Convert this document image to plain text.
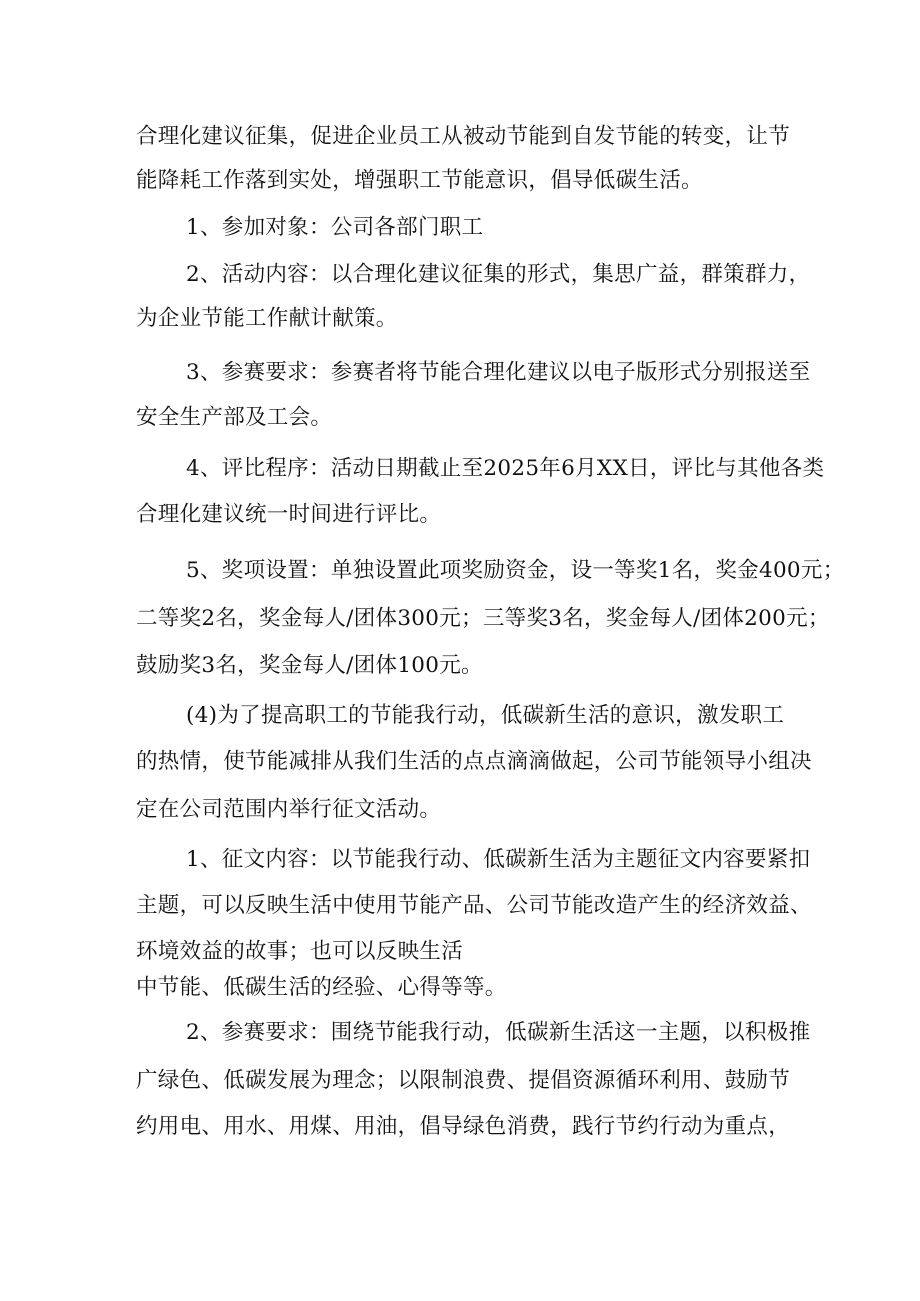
合理化建议征集，促进企业员工从被动节能到自发节能的转变，让节
能降耗工作落到实处，增强职工节能意识，倡导低碳生活。
1、参加对象：公司各部门职工
2、活动内容：以合理化建议征集的形式，集思广益，群策群力，
为企业节能工作献计献策。
3、参赛要求：参赛者将节能合理化建议以电子版形式分别报送至
安全生产部及工会。
4、评比程序：活动日期截止至2025年6月XX日，评比与其他各类
合理化建议统一时间进行评比。
5、奖项设置：单独设置此项奖励资金，设一等奖1名，奖金400元；
二等奖2名，奖金每人/团体300元；三等奖3名，奖金每人/团体200元；
鼓励奖3名，奖金每人/团体100元。
(4)为了提高职工的节能我行动，低碳新生活的意识，激发职工
的热情，使节能减排从我们生活的点点滴滴做起，公司节能领导小组决
定在公司范围内举行征文活动。
1、征文内容：以节能我行动、低碳新生活为主题征文内容要紧扣
主题，可以反映生活中使用节能产品、公司节能改造产生的经济效益、
环境效益的故事；也可以反映生活
中节能、低碳生活的经验、心得等等。
2、参赛要求：围绕节能我行动，低碳新生活这一主题，以积极推
广绿色、低碳发展为理念；以限制浪费、提倡资源循环利用、鼓励节
约用电、用水、用煤、用油，倡导绿色消费，践行节约行动为重点，
